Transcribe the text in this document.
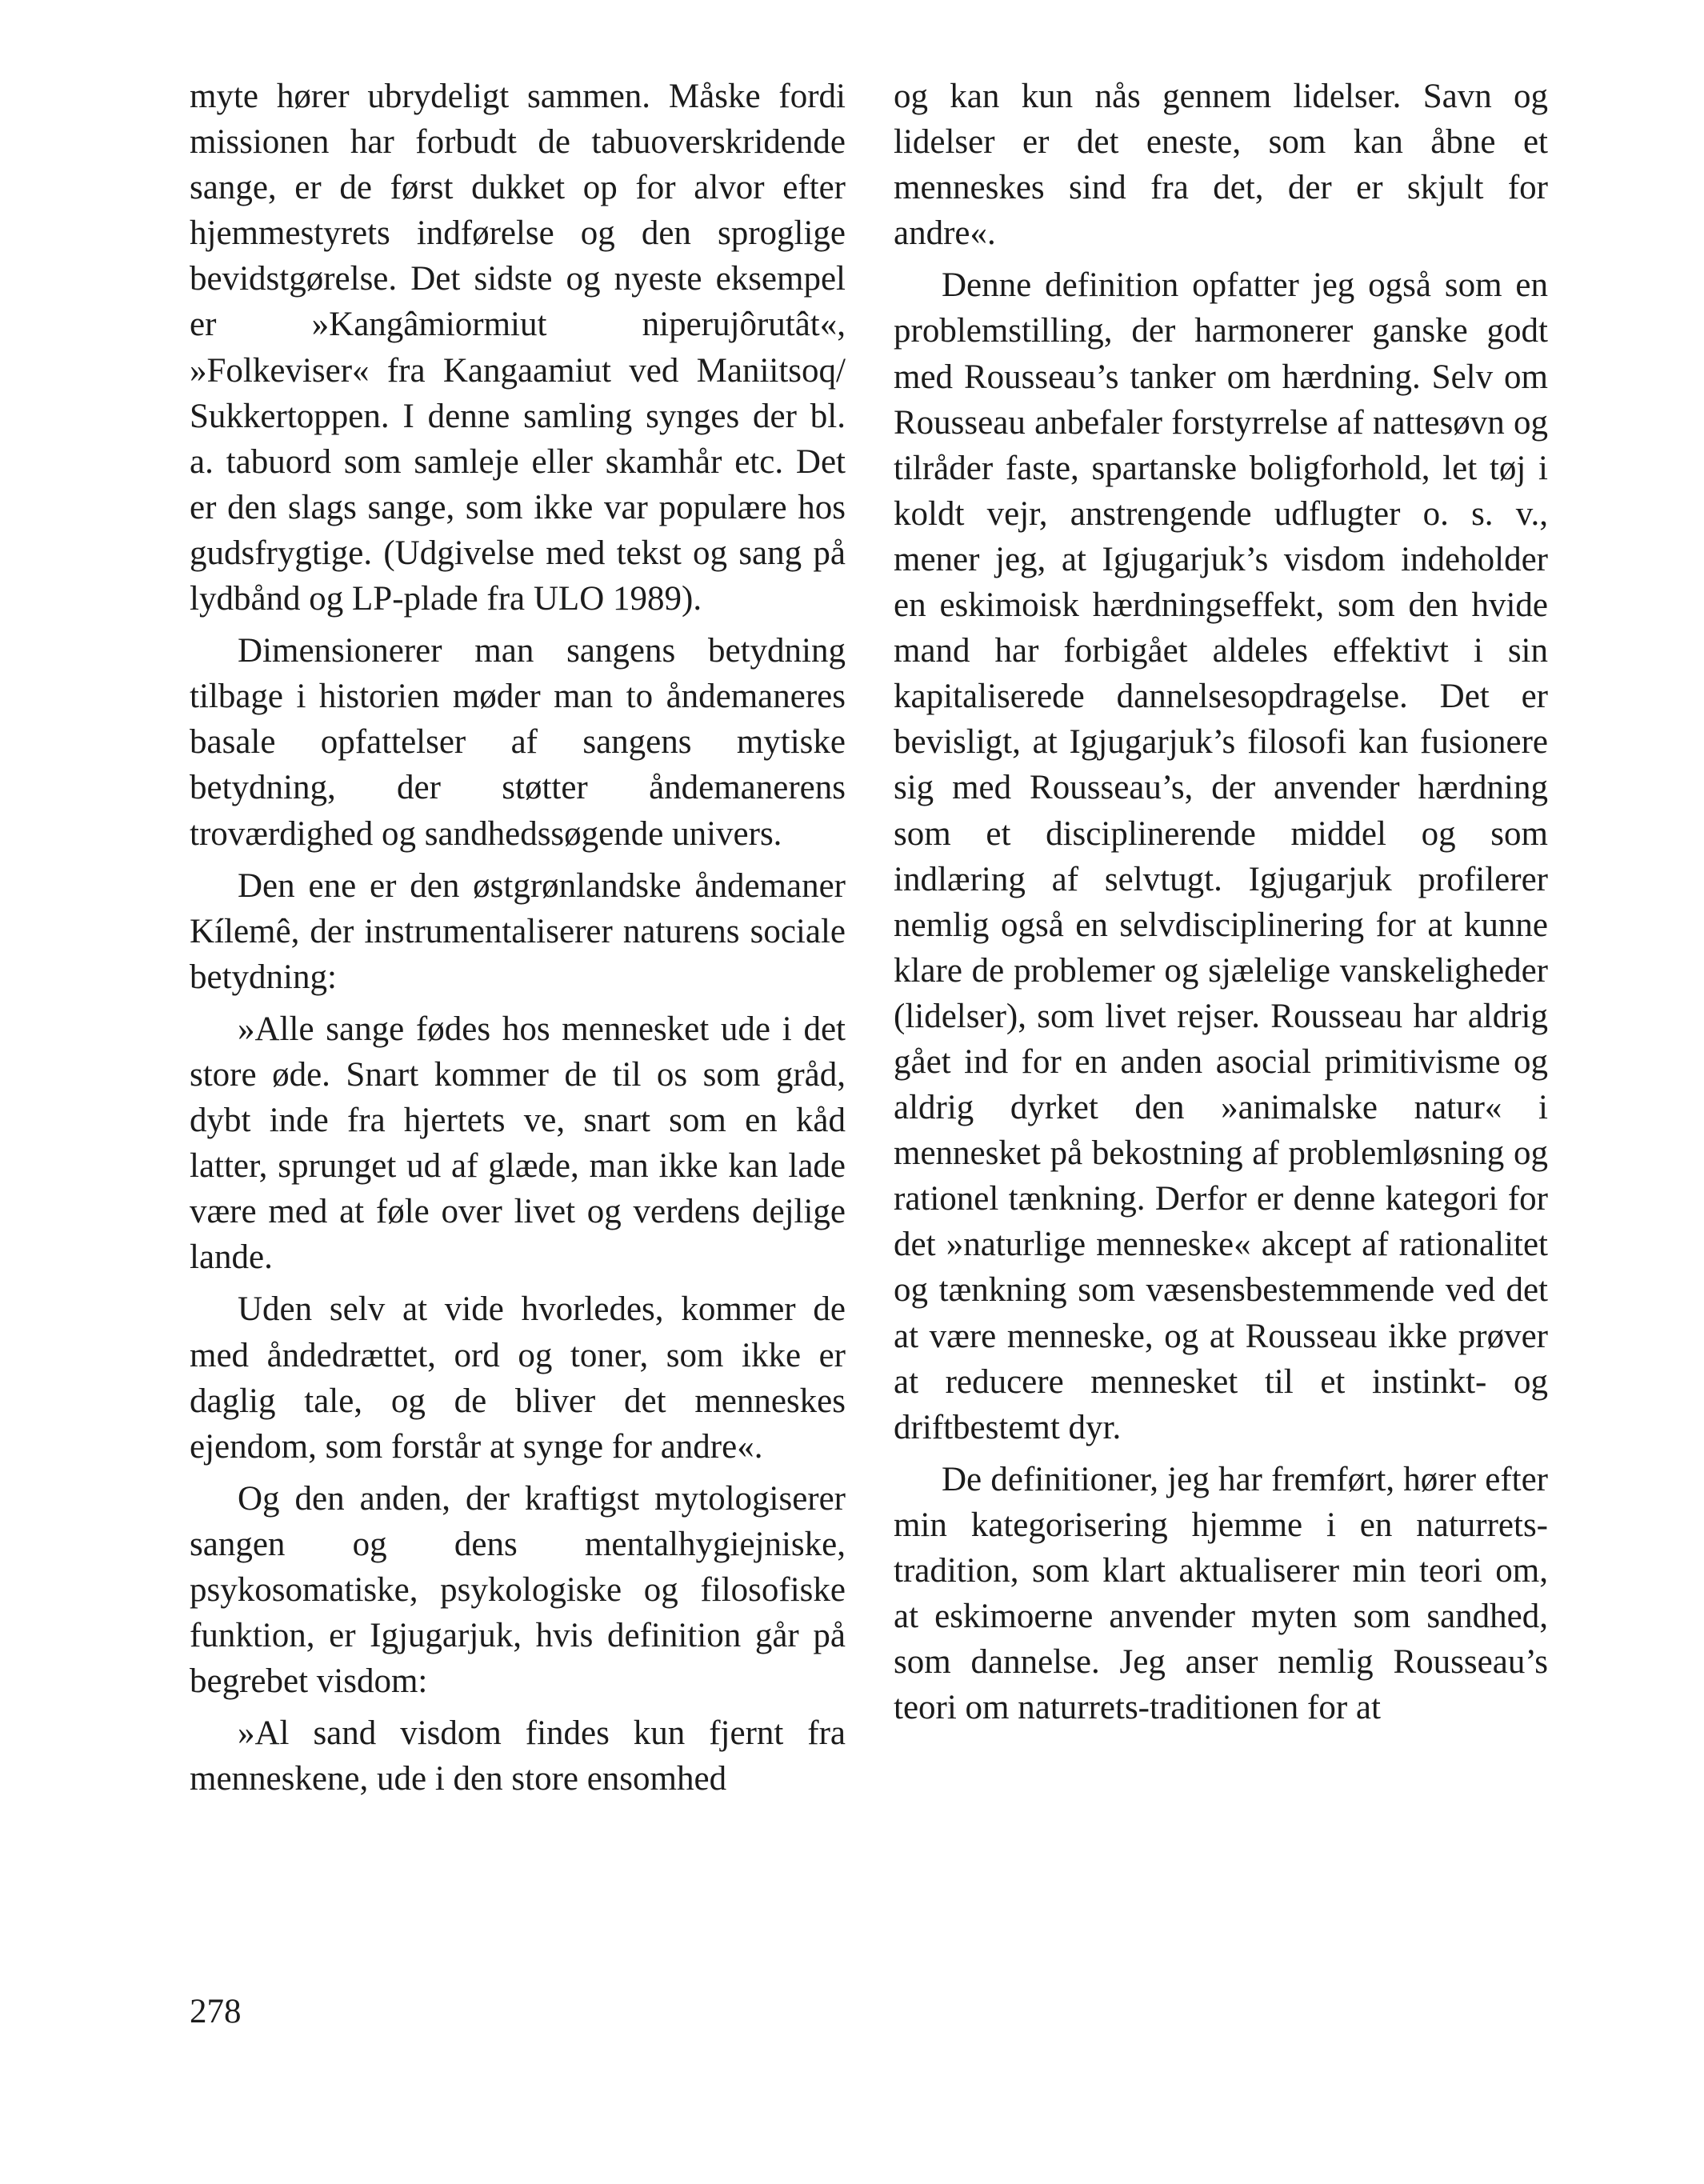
myte hører ubrydeligt sammen. Måske fordi missionen har forbudt de tabuoverskridende sange, er de først dukket op for alvor efter hjemmestyrets indførelse og den sproglige bevidstgørelse. Det sidste og nyeste eksempel er »Kangâmiormiut niperujôrutât«, »Folkeviser« fra Kangaamiut ved Maniitsoq/ Sukkertoppen. I denne samling synges der bl. a. tabuord som samleje eller skamhår etc. Det er den slags sange, som ikke var populære hos gudsfrygtige. (Udgivelse med tekst og sang på lydbånd og LP-plade fra ULO 1989).

Dimensionerer man sangens betydning tilbage i historien møder man to åndemaneres basale opfattelser af sangens mytiske betydning, der støtter åndemanerens troværdighed og sandhedssøgende univers.

Den ene er den østgrønlandske åndemaner Kílemê, der instrumentaliserer naturens sociale betydning:

»Alle sange fødes hos mennesket ude i det store øde. Snart kommer de til os som gråd, dybt inde fra hjertets ve, snart som en kåd latter, sprunget ud af glæde, man ikke kan lade være med at føle over livet og verdens dejlige lande.

Uden selv at vide hvorledes, kommer de med åndedrættet, ord og toner, som ikke er daglig tale, og de bliver det menneskes ejendom, som forstår at synge for andre«.

Og den anden, der kraftigst mytologiserer sangen og dens mentalhygiejniske, psykosomatiske, psykologiske og filosofiske funktion, er Igjugarjuk, hvis definition går på begrebet visdom:

»Al sand visdom findes kun fjernt fra menneskene, ude i den store ensomhed

og kan kun nås gennem lidelser. Savn og lidelser er det eneste, som kan åbne et menneskes sind fra det, der er skjult for andre«.

Denne definition opfatter jeg også som en problemstilling, der harmonerer ganske godt med Rousseau’s tanker om hærdning. Selv om Rousseau anbefaler forstyrrelse af nattesøvn og tilråder faste, spartanske boligforhold, let tøj i koldt vejr, anstrengende udflugter o. s. v., mener jeg, at Igjugarjuk’s visdom indeholder en eskimoisk hærdningseffekt, som den hvide mand har forbigået aldeles effektivt i sin kapitaliserede dannelsesopdragelse. Det er bevisligt, at Igjugarjuk’s filosofi kan fusionere sig med Rousseau’s, der anvender hærdning som et disciplinerende middel og som indlæring af selvtugt. Igjugarjuk profilerer nemlig også en selvdisciplinering for at kunne klare de problemer og sjælelige vanskeligheder (lidelser), som livet rejser. Rousseau har aldrig gået ind for en anden asocial primitivisme og aldrig dyrket den »animalske natur« i mennesket på bekostning af problemløsning og rationel tænkning. Derfor er denne kategori for det »naturlige menneske« akcept af rationalitet og tænkning som væsensbestemmende ved det at være menneske, og at Rousseau ikke prøver at reducere mennesket til et instinkt- og driftbestemt dyr.

De definitioner, jeg har fremført, hører efter min kategorisering hjemme i en naturrets-tradition, som klart aktualiserer min teori om, at eskimoerne anvender myten som sandhed, som dannelse. Jeg anser nemlig Rousseau’s teori om naturrets-traditionen for at

278
